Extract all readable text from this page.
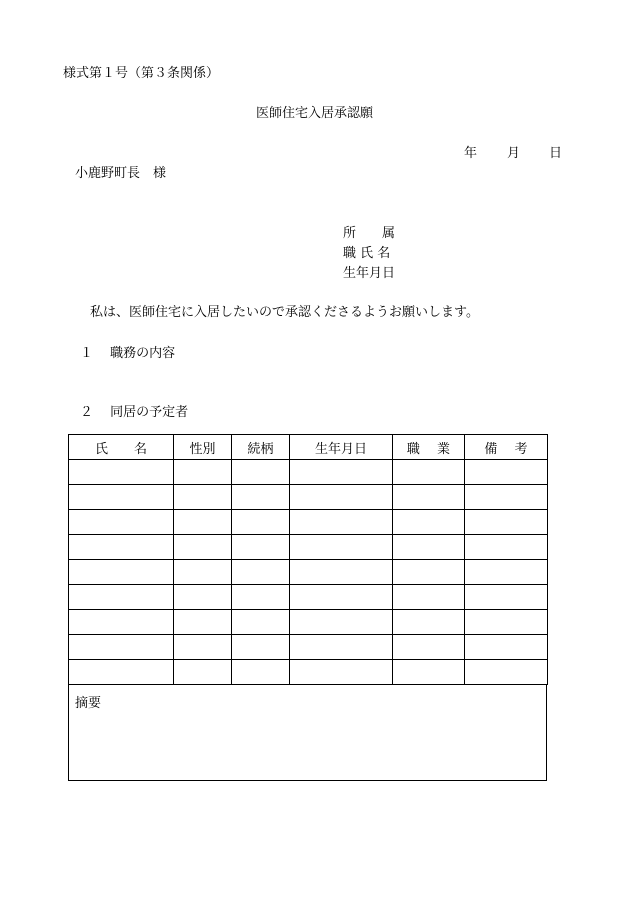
様式第１号（第３条関係）
医師住宅入居承認願
年 月 日
小鹿野町長　様
所　　属
職 氏 名
生年月日
私は、医師住宅に入居したいので承認くださるようお願いします。
１　 職務の内容
２　 同居の予定者
氏　　名	性別	続柄	生年月日	職　 業	備　 考

摘要
